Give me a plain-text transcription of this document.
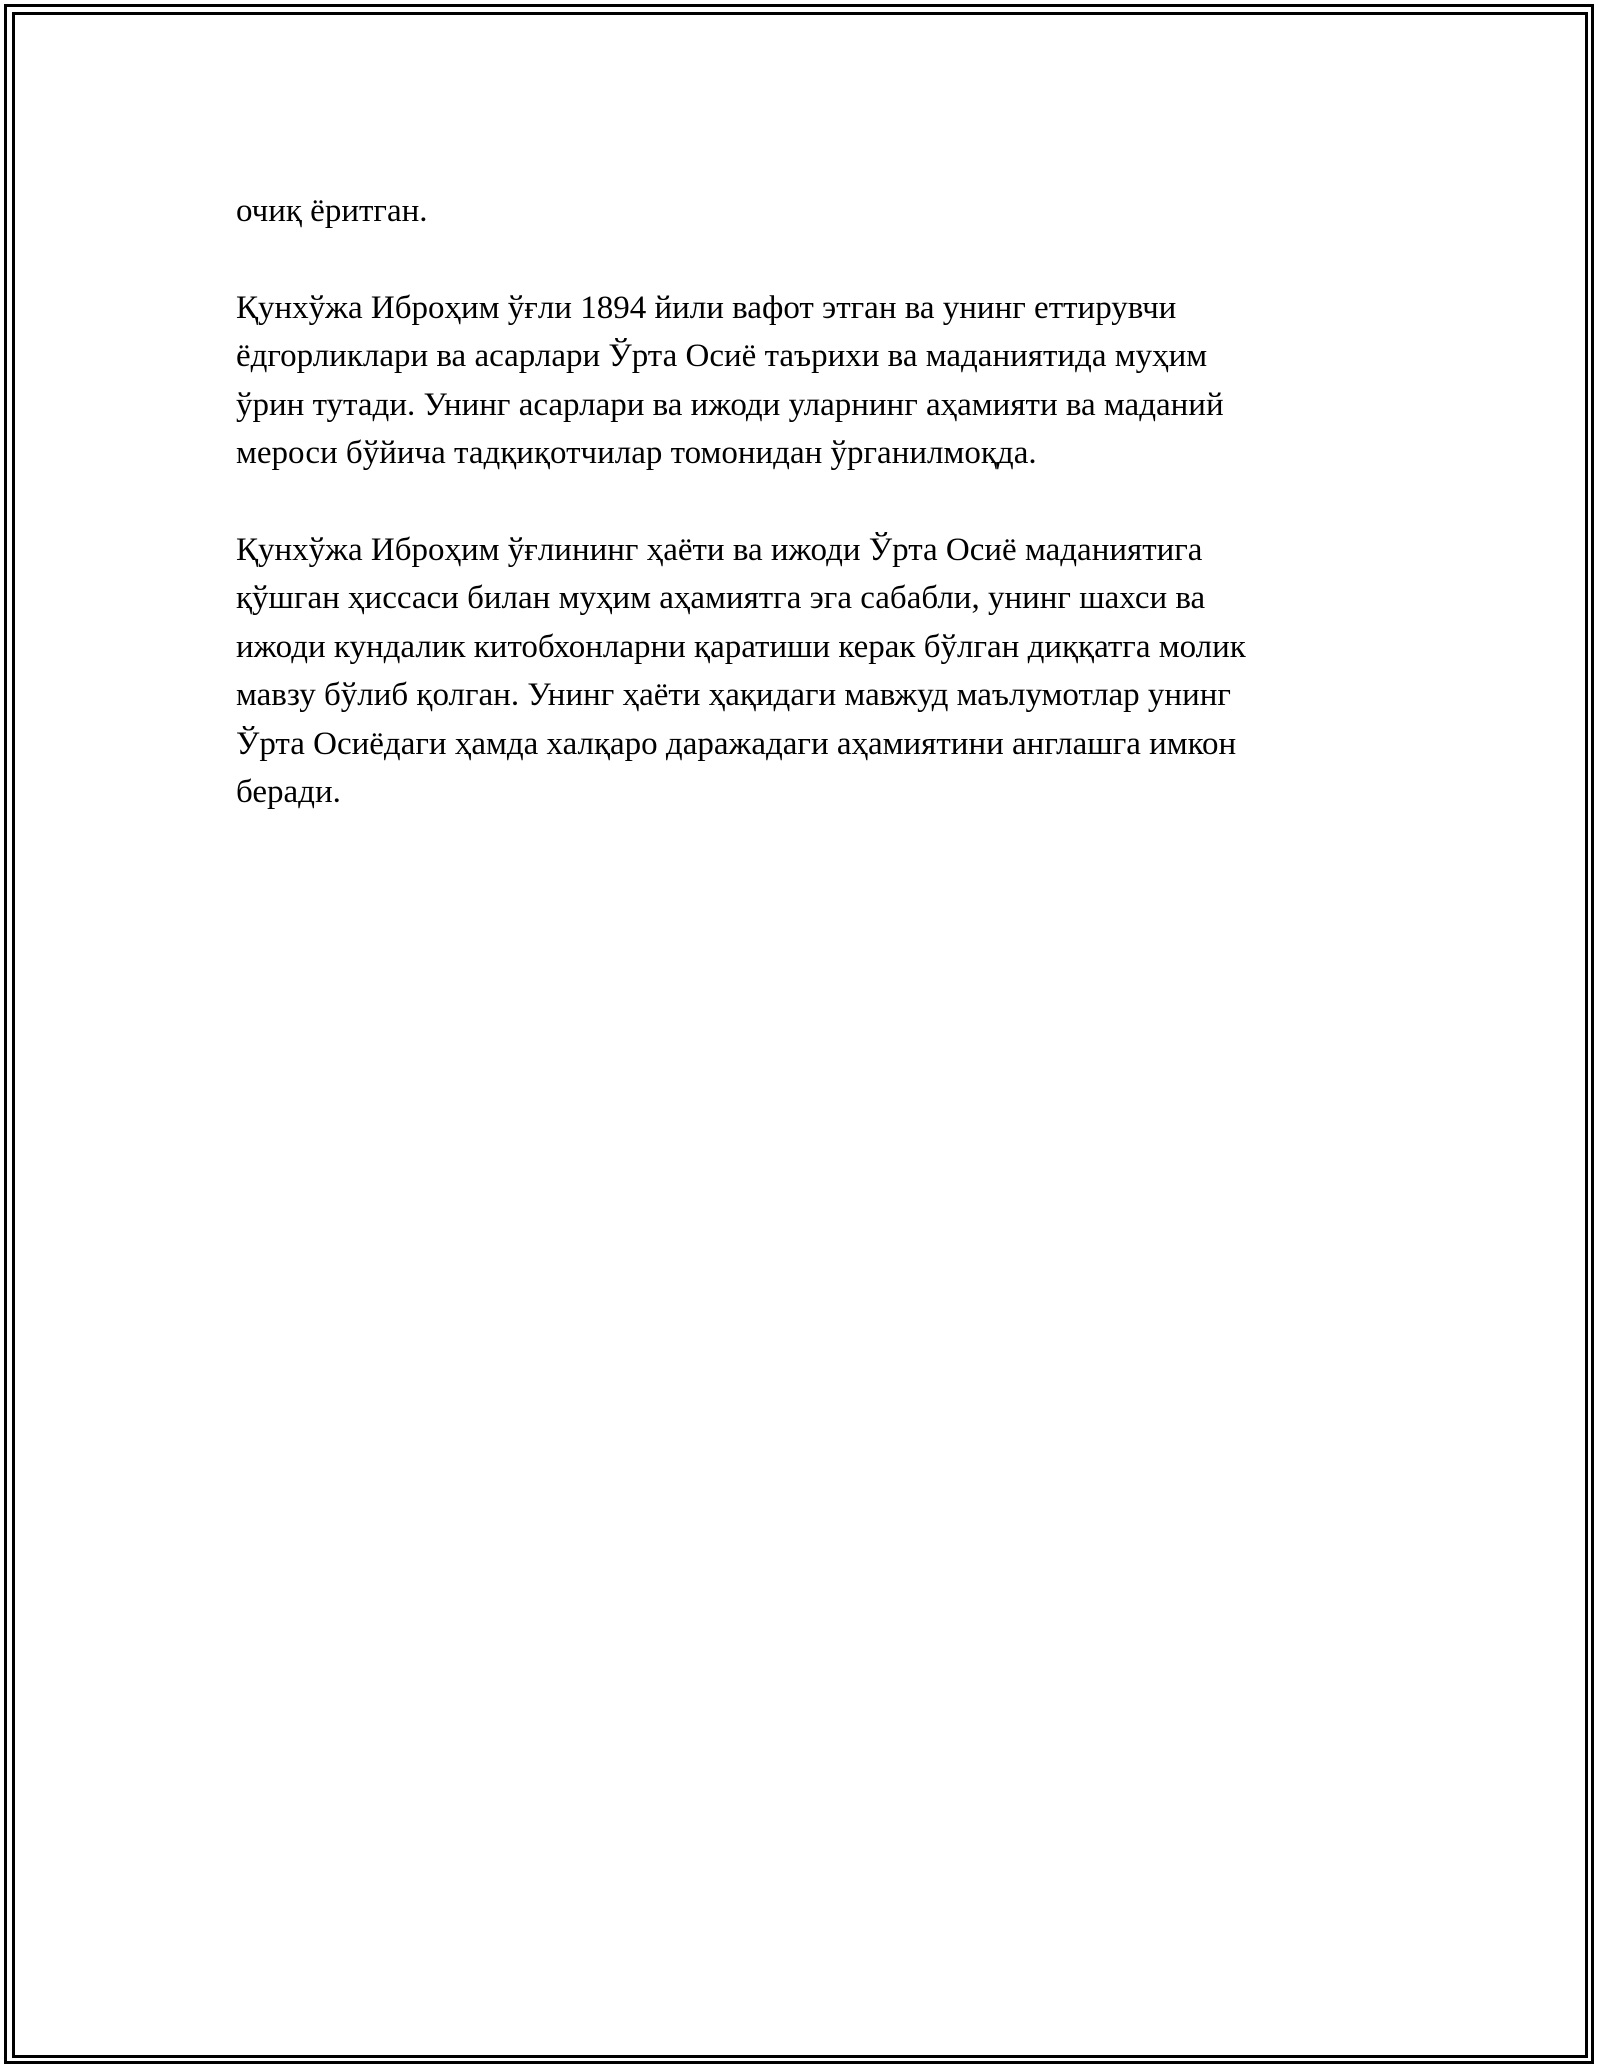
очиқ ёритган.

Қунхўжа Иброҳим ўғли 1894 йили вафот этган ва унинг еттирувчи
ёдгорликлари ва асарлари Ўрта Осиё таърихи ва маданиятида муҳим
ўрин тутади. Унинг асарлари ва ижоди уларнинг аҳамияти ва маданий
мероси бўйича тадқиқотчилар томонидан ўрганилмоқда.

Қунхўжа Иброҳим ўғлининг ҳаёти ва ижоди Ўрта Осиё маданиятига
қўшган ҳиссаси билан муҳим аҳамиятга эга сабабли, унинг шахси ва
ижоди кундалик китобхонларни қаратиши керак бўлган диққатга молик
мавзу бўлиб қолган. Унинг ҳаёти ҳақидаги мавжуд маълумотлар унинг
Ўрта Осиёдаги ҳамда халқаро даражадаги аҳамиятини англашга имкон
беради.
